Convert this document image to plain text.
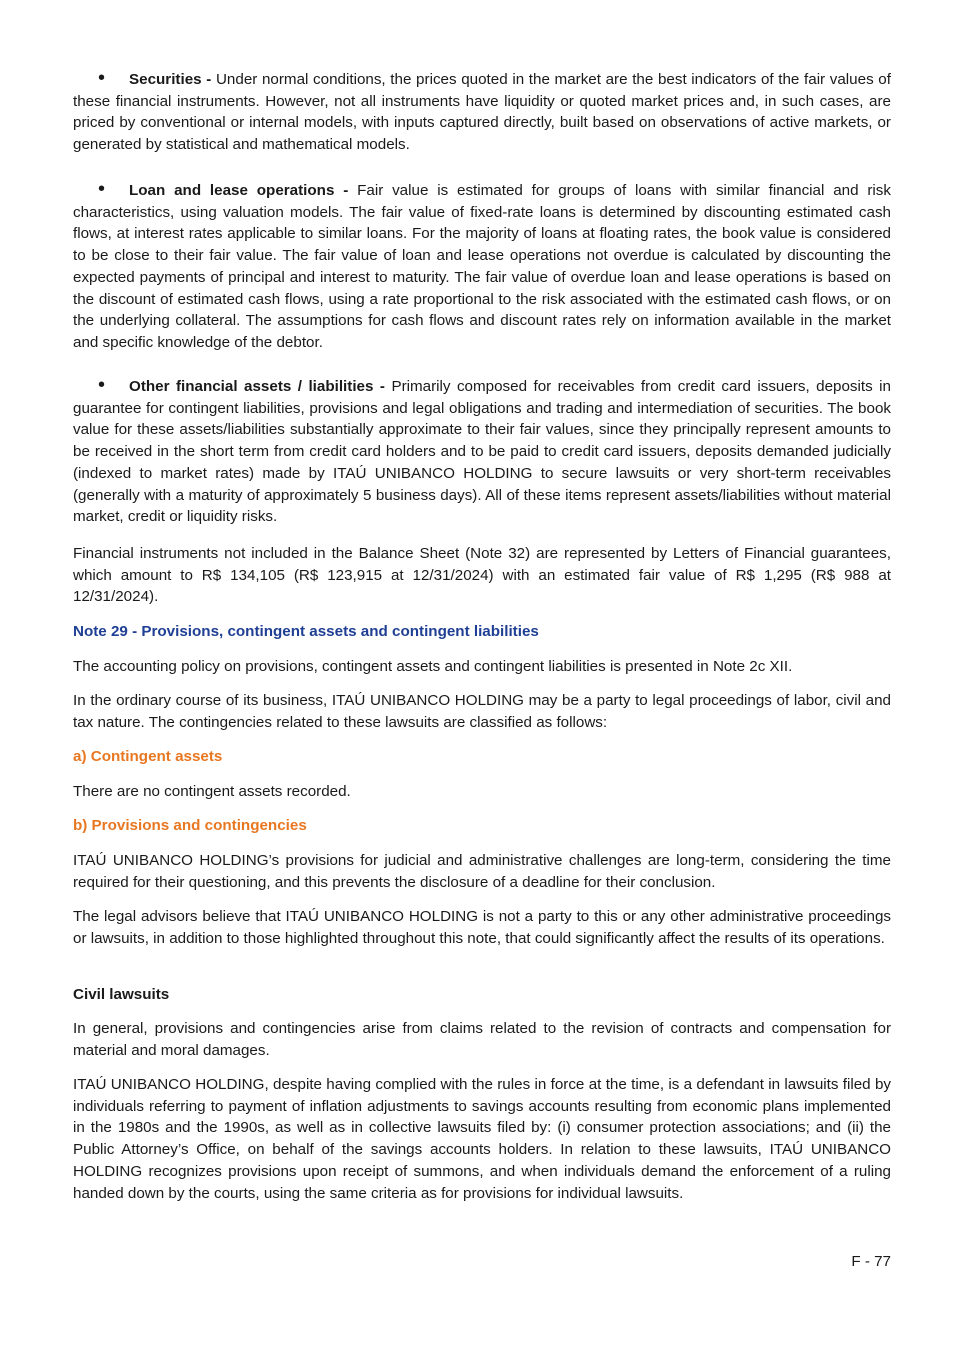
• Securities - Under normal conditions, the prices quoted in the market are the best indicators of the fair values of these financial instruments. However, not all instruments have liquidity or quoted market prices and, in such cases, are priced by conventional or internal models, with inputs captured directly, built based on observations of active markets, or generated by statistical and mathematical models.

• Loan and lease operations - Fair value is estimated for groups of loans with similar financial and risk characteristics, using valuation models. The fair value of fixed-rate loans is determined by discounting estimated cash flows, at interest rates applicable to similar loans. For the majority of loans at floating rates, the book value is considered to be close to their fair value. The fair value of loan and lease operations not overdue is calculated by discounting the expected payments of principal and interest to maturity. The fair value of overdue loan and lease operations is based on the discount of estimated cash flows, using a rate proportional to the risk associated with the estimated cash flows, or on the underlying collateral. The assumptions for cash flows and discount rates rely on information available in the market and specific knowledge of the debtor.

• Other financial assets / liabilities - Primarily composed for receivables from credit card issuers, deposits in guarantee for contingent liabilities, provisions and legal obligations and trading and intermediation of securities. The book value for these assets/liabilities substantially approximate to their fair values, since they principally represent amounts to be received in the short term from credit card holders and to be paid to credit card issuers, deposits demanded judicially (indexed to market rates) made by ITAÚ UNIBANCO HOLDING to secure lawsuits or very short-term receivables (generally with a maturity of approximately 5 business days). All of these items represent assets/liabilities without material market, credit or liquidity risks.

Financial instruments not included in the Balance Sheet (Note 32) are represented by Letters of Financial guarantees, which amount to R$ 134,105 (R$ 123,915 at 12/31/2024) with an estimated fair value of R$ 1,295 (R$ 988 at 12/31/2024).

Note 29 - Provisions, contingent assets and contingent liabilities

The accounting policy on provisions, contingent assets and contingent liabilities is presented in Note 2c XII.

In the ordinary course of its business, ITAÚ UNIBANCO HOLDING may be a party to legal proceedings of labor, civil and tax nature. The contingencies related to these lawsuits are classified as follows:

a) Contingent assets

There are no contingent assets recorded.

b) Provisions and contingencies

ITAÚ UNIBANCO HOLDING’s provisions for judicial and administrative challenges are long-term, considering the time required for their questioning, and this prevents the disclosure of a deadline for their conclusion.

The legal advisors believe that ITAÚ UNIBANCO HOLDING is not a party to this or any other administrative proceedings or lawsuits, in addition to those highlighted throughout this note, that could significantly affect the results of its operations.

Civil lawsuits

In general, provisions and contingencies arise from claims related to the revision of contracts and compensation for material and moral damages.

ITAÚ UNIBANCO HOLDING, despite having complied with the rules in force at the time, is a defendant in lawsuits filed by individuals referring to payment of inflation adjustments to savings accounts resulting from economic plans implemented in the 1980s and the 1990s, as well as in collective lawsuits filed by: (i) consumer protection associations; and (ii) the Public Attorney’s Office, on behalf of the savings accounts holders. In relation to these lawsuits, ITAÚ UNIBANCO HOLDING recognizes provisions upon receipt of summons, and when individuals demand the enforcement of a ruling handed down by the courts, using the same criteria as for provisions for individual lawsuits.

F - 77
